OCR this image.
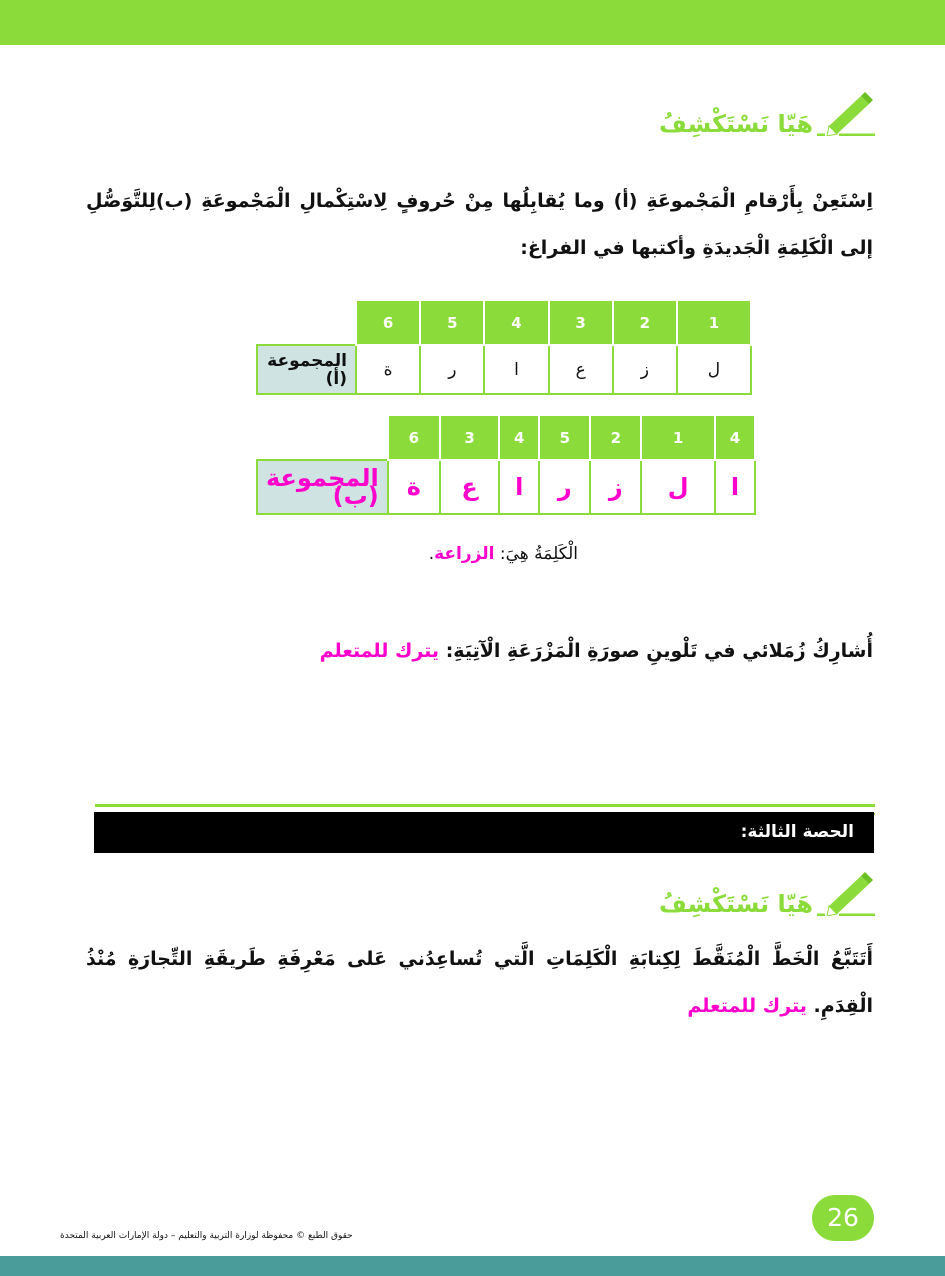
هَيّا نَسْتَكْشِفُ
اِسْتَعِنْ بِأَرْقامِ الْمَجْموعَةِ (أ) وما يُقابِلُها مِنْ حُروفٍ لِاسْتِكْمالِ الْمَجْموعَةِ (ب)لِلتَّوَصُّلِ إلى الْكَلِمَةِ الْجَديدَةِ وأكتبها في الفراغ:
1	2	3	4	5	6	
ل	ز	ع	ا	ر	ة	المجموعة (أ)
4	1	2	5	4	3	6	
ا	ل	ز	ر	ا	ع	ة	المجموعة (ب)
الْكَلِمَةُ هِيَ: الزراعة.
أُشارِكُ زُمَلائي في تَلْوينِ صورَةِ الْمَزْرَعَةِ الْآتِيَةِ: يترك للمتعلم
الحصة الثالثة:
هَيّا نَسْتَكْشِفُ
أَتَتَبَّعُ الْخَطَّ الْمُنَقَّطَ لِكِتابَةِ الْكَلِمَاتِ الَّتي تُساعِدُني عَلى مَعْرِفَةِ طَريقَةِ التِّجارَةِ مُنْذُ الْقِدَمِ. يترك للمتعلم
26
حقوق الطبع © محفوظة لوزارة التربية والتعليم – دولة الإمارات العربية المتحدة
